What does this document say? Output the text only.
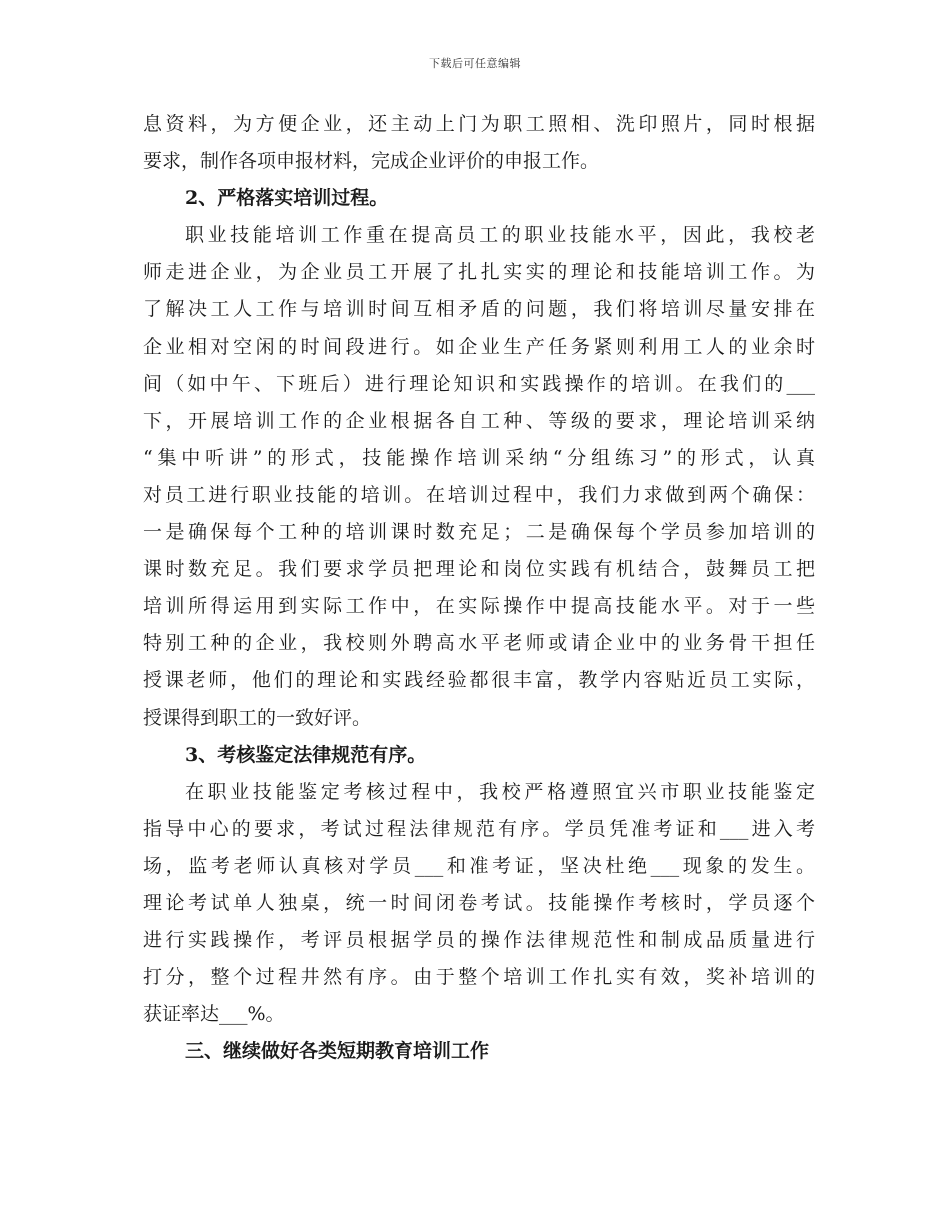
下载后可任意编辑
息资料，为方便企业，还主动上门为职工照相、洗印照片，同时根据
要求，制作各项申报材料，完成企业评价的申报工作。
2、严格落实培训过程。
职业技能培训工作重在提高员工的职业技能水平，因此，我校老
师走进企业，为企业员工开展了扎扎实实的理论和技能培训工作。为
了解决工人工作与培训时间互相矛盾的问题，我们将培训尽量安排在
企业相对空闲的时间段进行。如企业生产任务紧则利用工人的业余时
间（如中午、下班后）进行理论知识和实践操作的培训。在我们的___
下，开展培训工作的企业根据各自工种、等级的要求，理论培训采纳
“集中听讲”的形式，技能操作培训采纳“分组练习”的形式，认真
对员工进行职业技能的培训。在培训过程中，我们力求做到两个确保：
一是确保每个工种的培训课时数充足；二是确保每个学员参加培训的
课时数充足。我们要求学员把理论和岗位实践有机结合，鼓舞员工把
培训所得运用到实际工作中，在实际操作中提高技能水平。对于一些
特别工种的企业，我校则外聘高水平老师或请企业中的业务骨干担任
授课老师，他们的理论和实践经验都很丰富，教学内容贴近员工实际，
授课得到职工的一致好评。
3、考核鉴定法律规范有序。
在职业技能鉴定考核过程中，我校严格遵照宜兴市职业技能鉴定
指导中心的要求，考试过程法律规范有序。学员凭准考证和___进入考
场，监考老师认真核对学员___和准考证，坚决杜绝___现象的发生。
理论考试单人独桌，统一时间闭卷考试。技能操作考核时，学员逐个
进行实践操作，考评员根据学员的操作法律规范性和制成品质量进行
打分，整个过程井然有序。由于整个培训工作扎实有效，奖补培训的
获证率达___%。
三、继续做好各类短期教育培训工作
